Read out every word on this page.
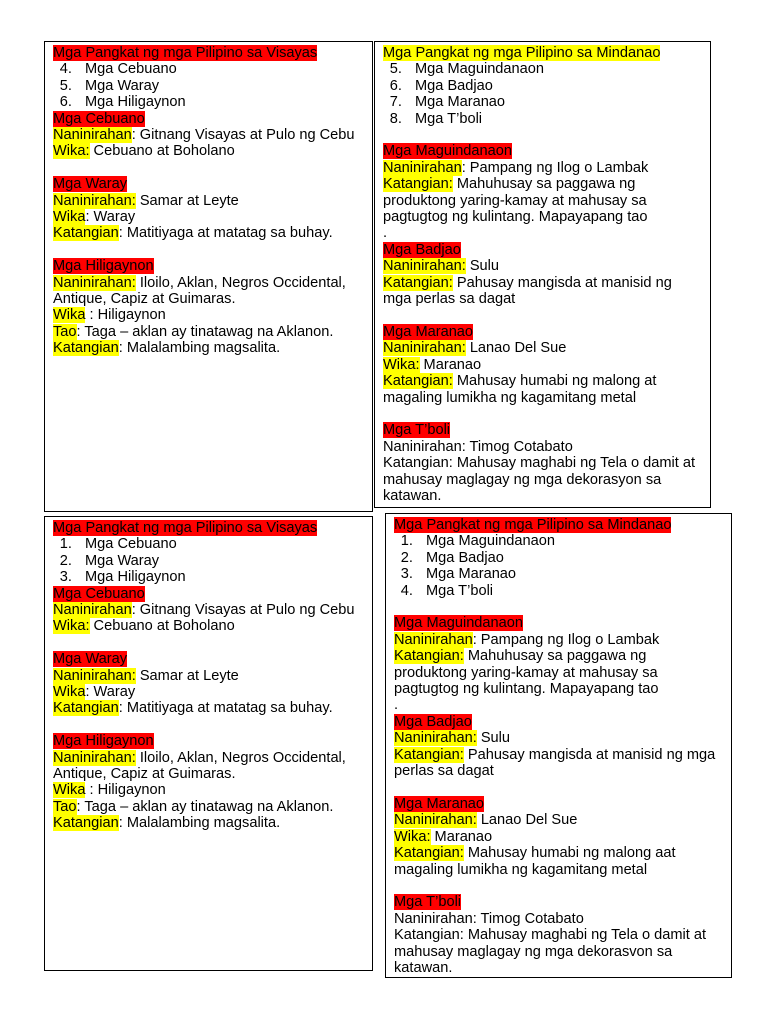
Mga Pangkat ng mga Pilipino sa Visayas
4. Mga Cebuano
5. Mga Waray
6. Mga Hiligaynon
Mga Cebuano
Naninirahan: Gitnang Visayas at Pulo ng Cebu
Wika: Cebuano at Boholano
Mga Waray
Naninirahan: Samar at Leyte
Wika: Waray
Katangian: Matitiyaga at matatag sa buhay.
Mga Hiligaynon
Naninirahan: Iloilo, Aklan, Negros Occidental, Antique, Capiz at Guimaras.
Wika : Hiligaynon
Tao: Taga – aklan ay tinatawag na Aklanon.
Katangian: Malalambing magsalita.
Mga Pangkat ng mga Pilipino sa Mindanao
5. Mga Maguindanaon
6. Mga Badjao
7. Mga Maranao
8. Mga T’boli
Mga Maguindanaon
Naninirahan: Pampang ng Ilog o Lambak
Katangian: Mahuhusay sa paggawa ng produktong yaring-kamay at mahusay sa pagtugtog ng kulintang. Mapayapang tao
.
Mga Badjao
Naninirahan: Sulu
Katangian: Pahusay mangisda at manisid ng mga perlas sa dagat
Mga Maranao
Naninirahan: Lanao Del Sue
Wika: Maranao
Katangian: Mahusay humabi ng malong at magaling lumikha ng kagamitang metal
Mga T’boli
Naninirahan: Timog Cotabato
Katangian: Mahusay maghabi ng Tela o damit at mahusay maglagay ng mga dekorasyon sa katawan.
Mga Pangkat ng mga Pilipino sa Visayas
1. Mga Cebuano
2. Mga Waray
3. Mga Hiligaynon
Mga Cebuano
Naninirahan: Gitnang Visayas at Pulo ng Cebu
Wika: Cebuano at Boholano
Mga Waray
Naninirahan: Samar at Leyte
Wika: Waray
Katangian: Matitiyaga at matatag sa buhay.
Mga Hiligaynon
Naninirahan: Iloilo, Aklan, Negros Occidental, Antique, Capiz at Guimaras.
Wika : Hiligaynon
Tao: Taga – aklan ay tinatawag na Aklanon.
Katangian: Malalambing magsalita.
Mga Pangkat ng mga Pilipino sa Mindanao
1. Mga Maguindanaon
2. Mga Badjao
3. Mga Maranao
4. Mga T’boli
Mga Maguindanaon
Naninirahan: Pampang ng Ilog o Lambak
Katangian: Mahuhusay sa paggawa ng produktong yaring-kamay at mahusay sa pagtugtog ng kulintang. Mapayapang tao
.
Mga Badjao
Naninirahan: Sulu
Katangian: Pahusay mangisda at manisid ng mga perlas sa dagat
Mga Maranao
Naninirahan: Lanao Del Sue
Wika: Maranao
Katangian: Mahusay humabi ng malong aat magaling lumikha ng kagamitang metal
Mga T’boli
Naninirahan: Timog Cotabato
Katangian: Mahusay maghabi ng Tela o damit at mahusay maglagay ng mga dekorasvon sa katawan.
